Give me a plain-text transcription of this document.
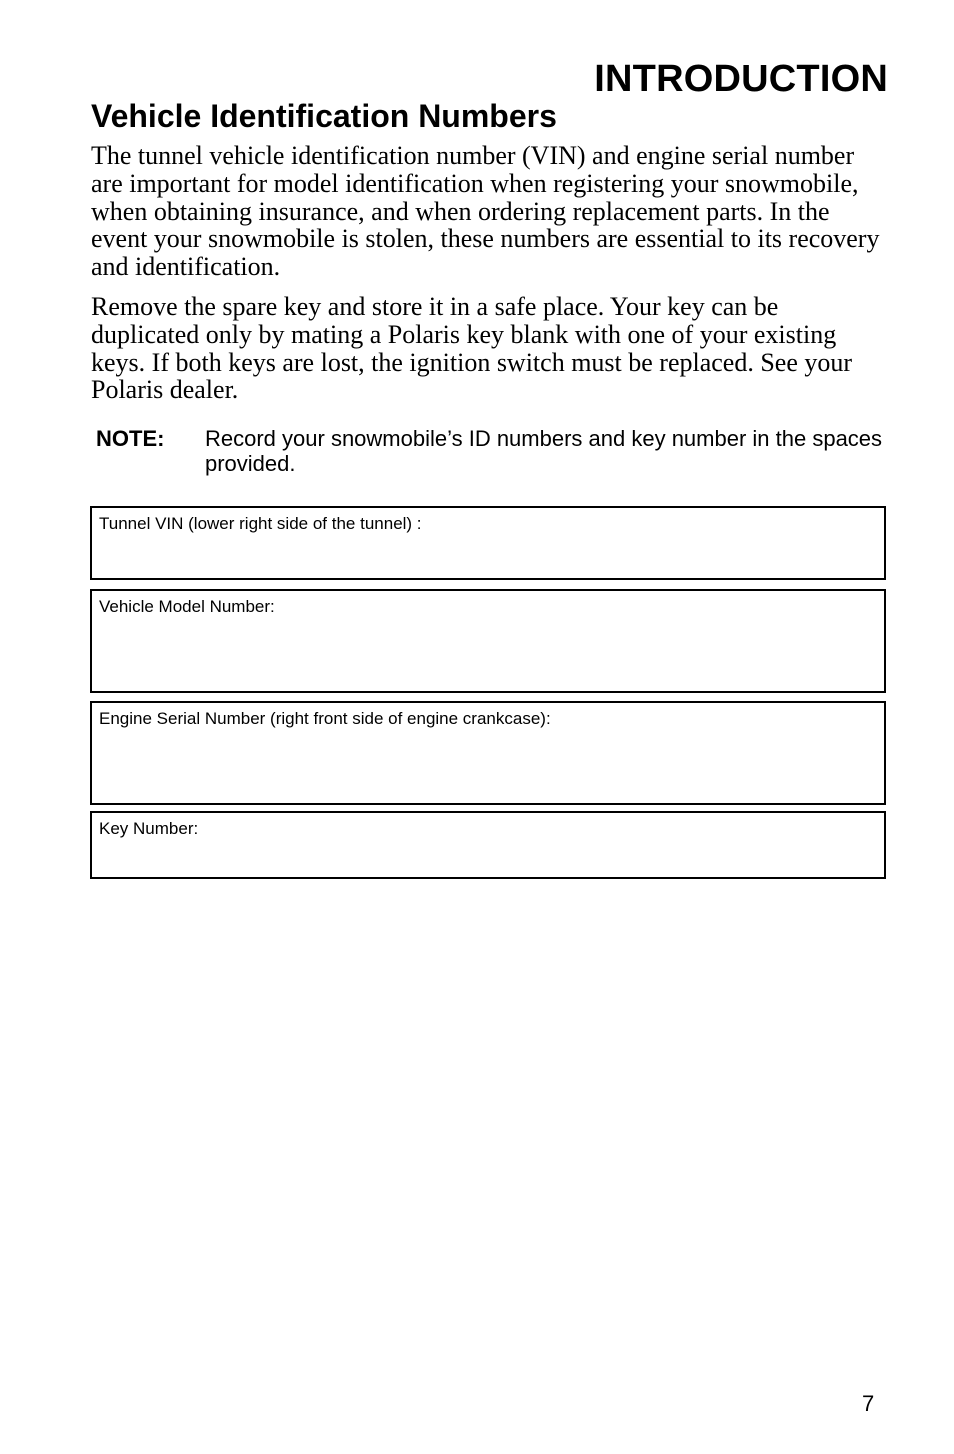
INTRODUCTION
Vehicle Identification Numbers

The tunnel vehicle identification number (VIN) and engine serial number are important for model identification when registering your snowmobile, when obtaining insurance, and when ordering replacement parts. In the event your snowmobile is stolen, these numbers are essential to its recovery and identification.

Remove the spare key and store it in a safe place. Your key can be duplicated only by mating a Polaris key blank with one of your existing keys. If both keys are lost, the ignition switch must be replaced. See your Polaris dealer.

NOTE: Record your snowmobile’s ID numbers and key number in the spaces provided.
Tunnel VIN (lower right side of the tunnel) :
Vehicle Model Number:
Engine Serial Number (right front side of engine crankcase):
Key Number:
7
